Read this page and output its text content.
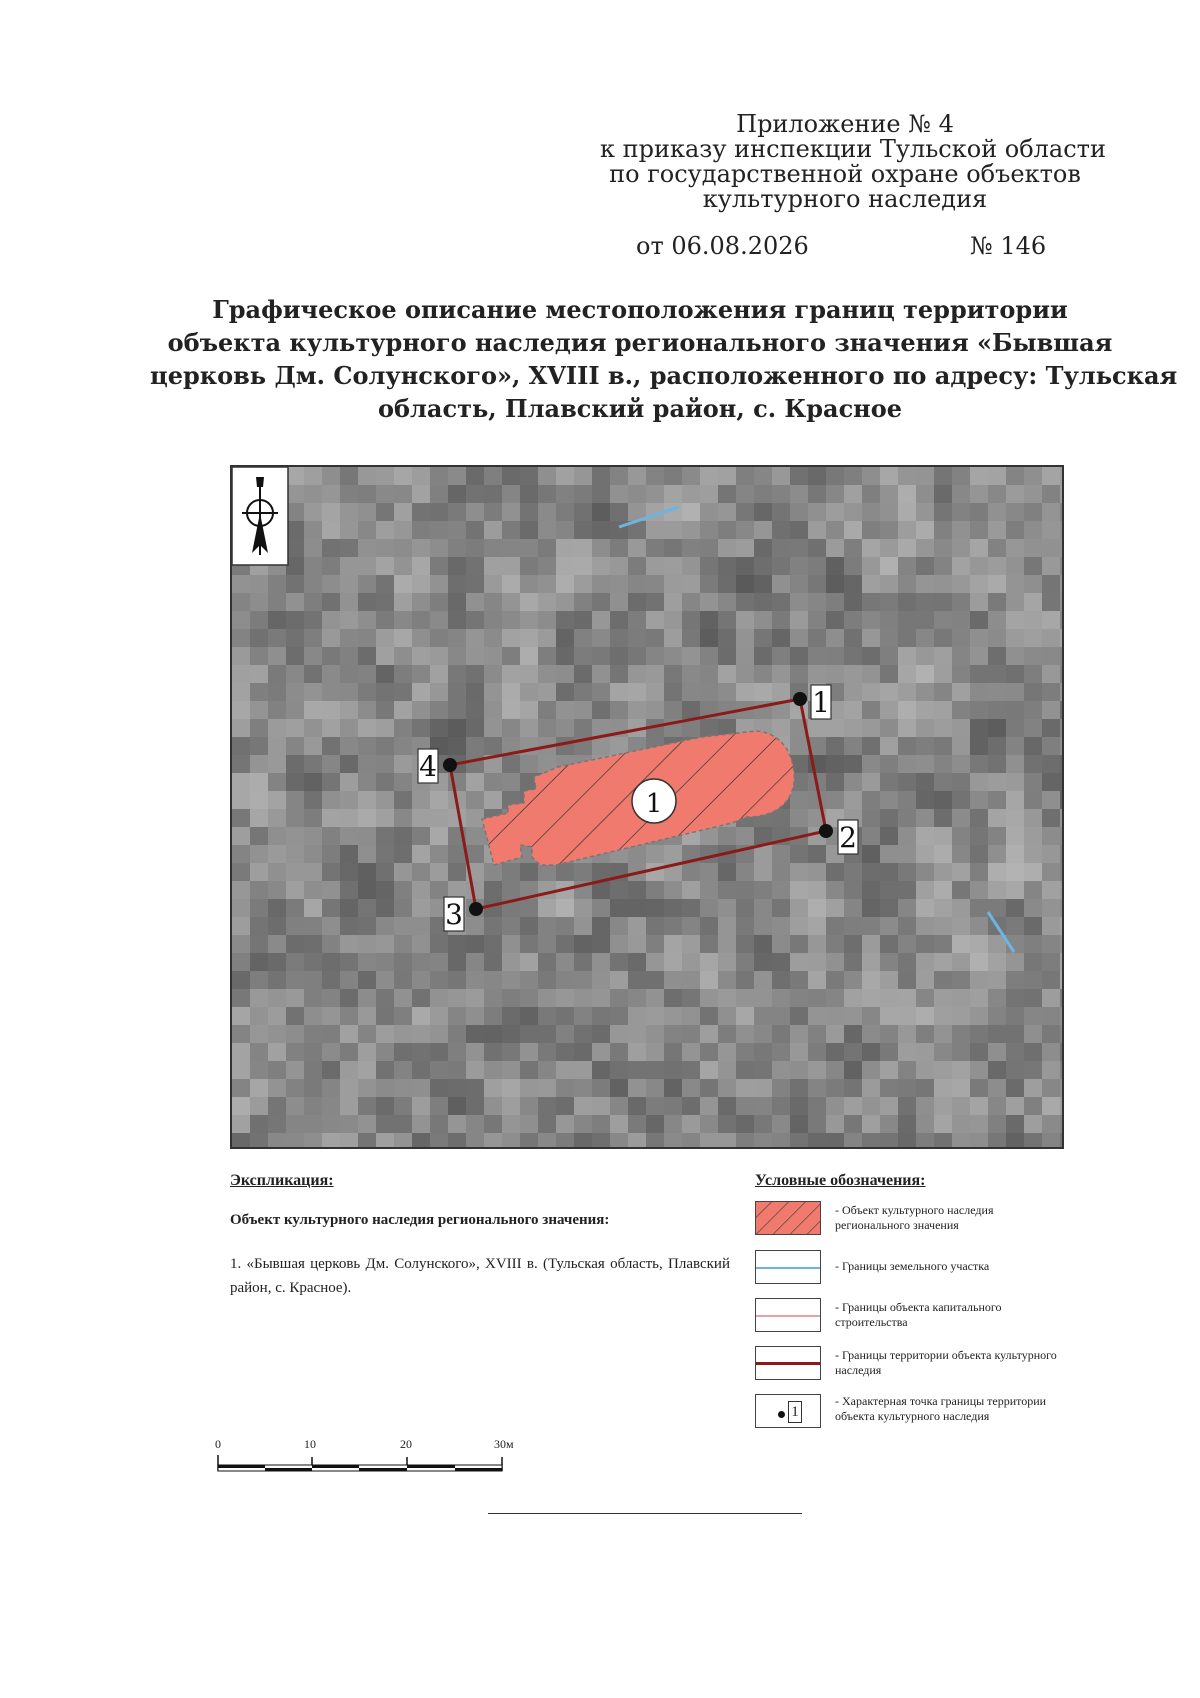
Приложение № 4
к приказу инспекции Тульской области
по государственной охране объектов
культурного наследия
от 06.08.2026	№ 146
Графическое описание местоположения границ территории
объекта культурного наследия регионального значения «Бывшая
церковь Дм. Солунского», XVIII в., расположенного по адресу: Тульская
область, Плавский район, с. Красное
1
1
2
3
4
Экспликация:
Объект культурного наследия регионального значения:
1. «Бывшая церковь Дм. Солунского», XVIII в. (Тульская область, Плавский район, с. Красное).
Условные обозначения:
- Объект культурного наследия регионального значения
- Границы земельного участка
- Границы объекта капитального строительства
- Границы территории объекта культурного наследия
1
- Характерная точка границы территории объекта культурного наследия
0	10	20	30м
